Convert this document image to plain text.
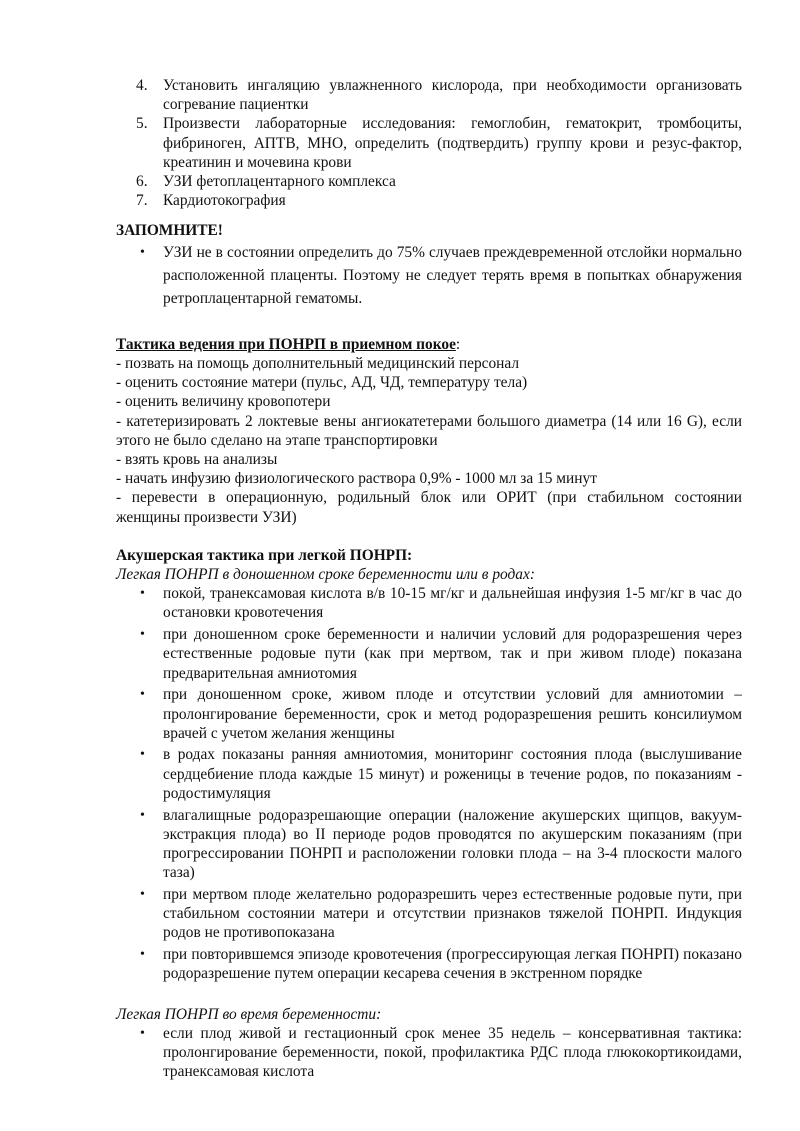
4. Установить ингаляцию увлажненного кислорода, при необходимости организовать согревание пациентки
5. Произвести лабораторные исследования: гемоглобин, гематокрит, тромбоциты, фибриноген, АПТВ, МНО, определить (подтвердить) группу крови и резус-фактор, креатинин и мочевина крови
6. УЗИ фетоплацентарного комплекса
7. Кардиотокография

ЗАПОМНИТЕ!

• УЗИ не в состоянии определить до 75% случаев преждевременной отслойки нормально расположенной плаценты. Поэтому не следует терять время в попытках обнаружения ретроплацентарной гематомы.

Тактика ведения при ПОНРП в приемном покое:

- позвать на помощь дополнительный медицинский персонал

- оценить состояние матери (пульс, АД, ЧД, температуру тела)

- оценить величину кровопотери

- катетеризировать 2 локтевые вены ангиокатетерами большого диаметра (14 или 16 G), если этого не было сделано на этапе транспортировки

- взять кровь на анализы

- начать инфузию физиологического раствора 0,9% - 1000 мл за 15 минут

- перевести в операционную, родильный блок или ОРИТ (при стабильном состоянии женщины произвести УЗИ)

Акушерская тактика при легкой ПОНРП:

Легкая ПОНРП в доношенном сроке беременности или в родах:

• покой, транексамовая кислота в/в 10-15 мг/кг и дальнейшая инфузия 1-5 мг/кг в час до остановки кровотечения
• при доношенном сроке беременности и наличии условий для родоразрешения через естественные родовые пути (как при мертвом, так и при живом плоде) показана предварительная амниотомия
• при доношенном сроке, живом плоде и отсутствии условий для амниотомии – пролонгирование беременности, срок и метод родоразрешения решить консилиумом врачей с учетом желания женщины
• в родах показаны ранняя амниотомия, мониторинг состояния плода (выслушивание сердцебиение плода каждые 15 минут) и роженицы в течение родов, по показаниям - родостимуляция
• влагалищные родоразрешающие операции (наложение акушерских щипцов, вакуум-экстракция плода) во II периоде родов проводятся по акушерским показаниям (при прогрессировании ПОНРП и расположении головки плода – на 3-4 плоскости малого таза)
• при мертвом плоде желательно родоразрешить через естественные родовые пути, при стабильном состоянии матери и отсутствии признаков тяжелой ПОНРП. Индукция родов не противопоказана
• при повторившемся эпизоде кровотечения (прогрессирующая легкая ПОНРП) показано родоразрешение путем операции кесарева сечения в экстренном порядке

Легкая ПОНРП во время беременности:

• если плод живой и гестационный срок менее 35 недель – консервативная тактика: пролонгирование беременности, покой, профилактика РДС плода глюкокортикоидами, транексамовая кислота
